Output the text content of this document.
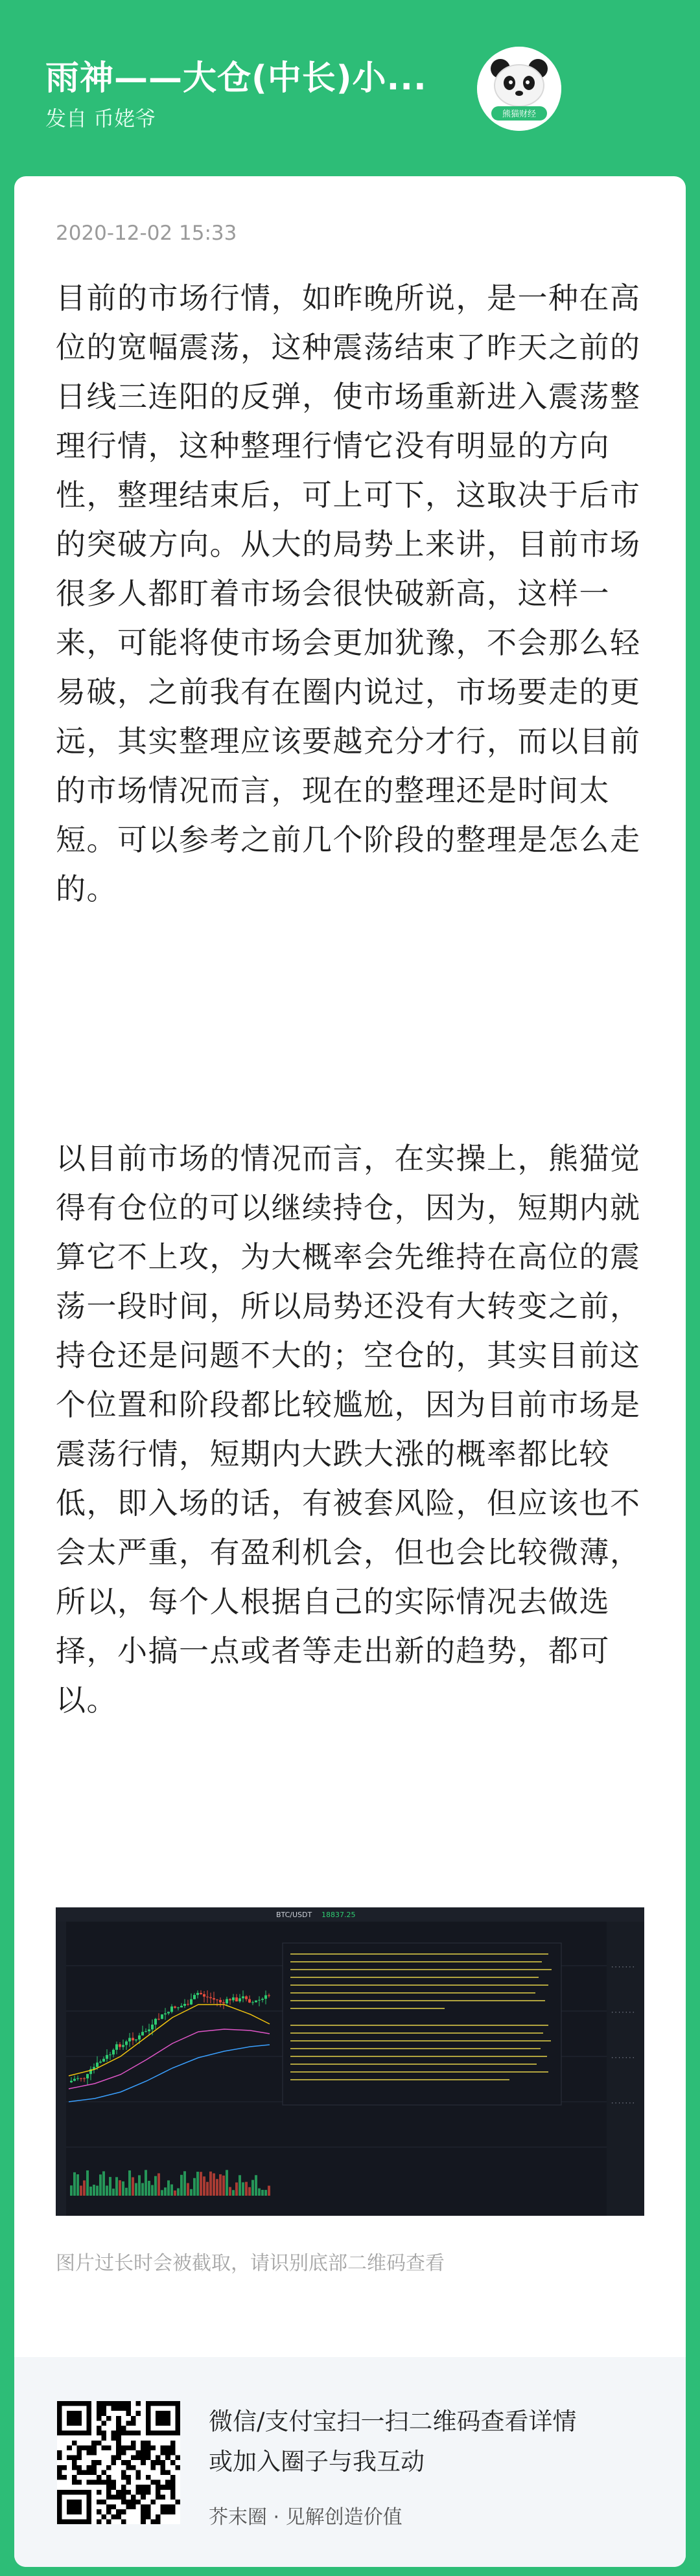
雨神——大仓(中长)小...
发自 币姥爷	熊猫财经
2020-12-02 15:33

目前的市场行情，如昨晚所说，是一种在高位的宽幅震荡，这种震荡结束了昨天之前的日线三连阳的反弹，使市场重新进入震荡整理行情，这种整理行情它没有明显的方向性，整理结束后，可上可下，这取决于后市的突破方向。从大的局势上来讲，目前市场很多人都盯着市场会很快破新高，这样一来，可能将使市场会更加犹豫，不会那么轻易破，之前我有在圈内说过，市场要走的更远，其实整理应该要越充分才行，而以目前的市场情况而言，现在的整理还是时间太短。可以参考之前几个阶段的整理是怎么走的。

以目前市场的情况而言，在实操上，熊猫觉得有仓位的可以继续持仓，因为，短期内就算它不上攻，为大概率会先维持在高位的震荡一段时间，所以局势还没有大转变之前，持仓还是问题不大的；空仓的，其实目前这个位置和阶段都比较尴尬，因为目前市场是震荡行情，短期内大跌大涨的概率都比较低，即入场的话，有被套风险，但应该也不会太严重，有盈利机会，但也会比较微薄，所以，每个人根据自己的实际情况去做选择，小搞一点或者等走出新的趋势，都可以。

BTC/USDT 18837.25
·······
·······
·······
·······
图片过长时会被截取，请识别底部二维码查看
微信/支付宝扫一扫二维码查看详情
或加入圈子与我互动
芥末圈 · 见解创造价值
